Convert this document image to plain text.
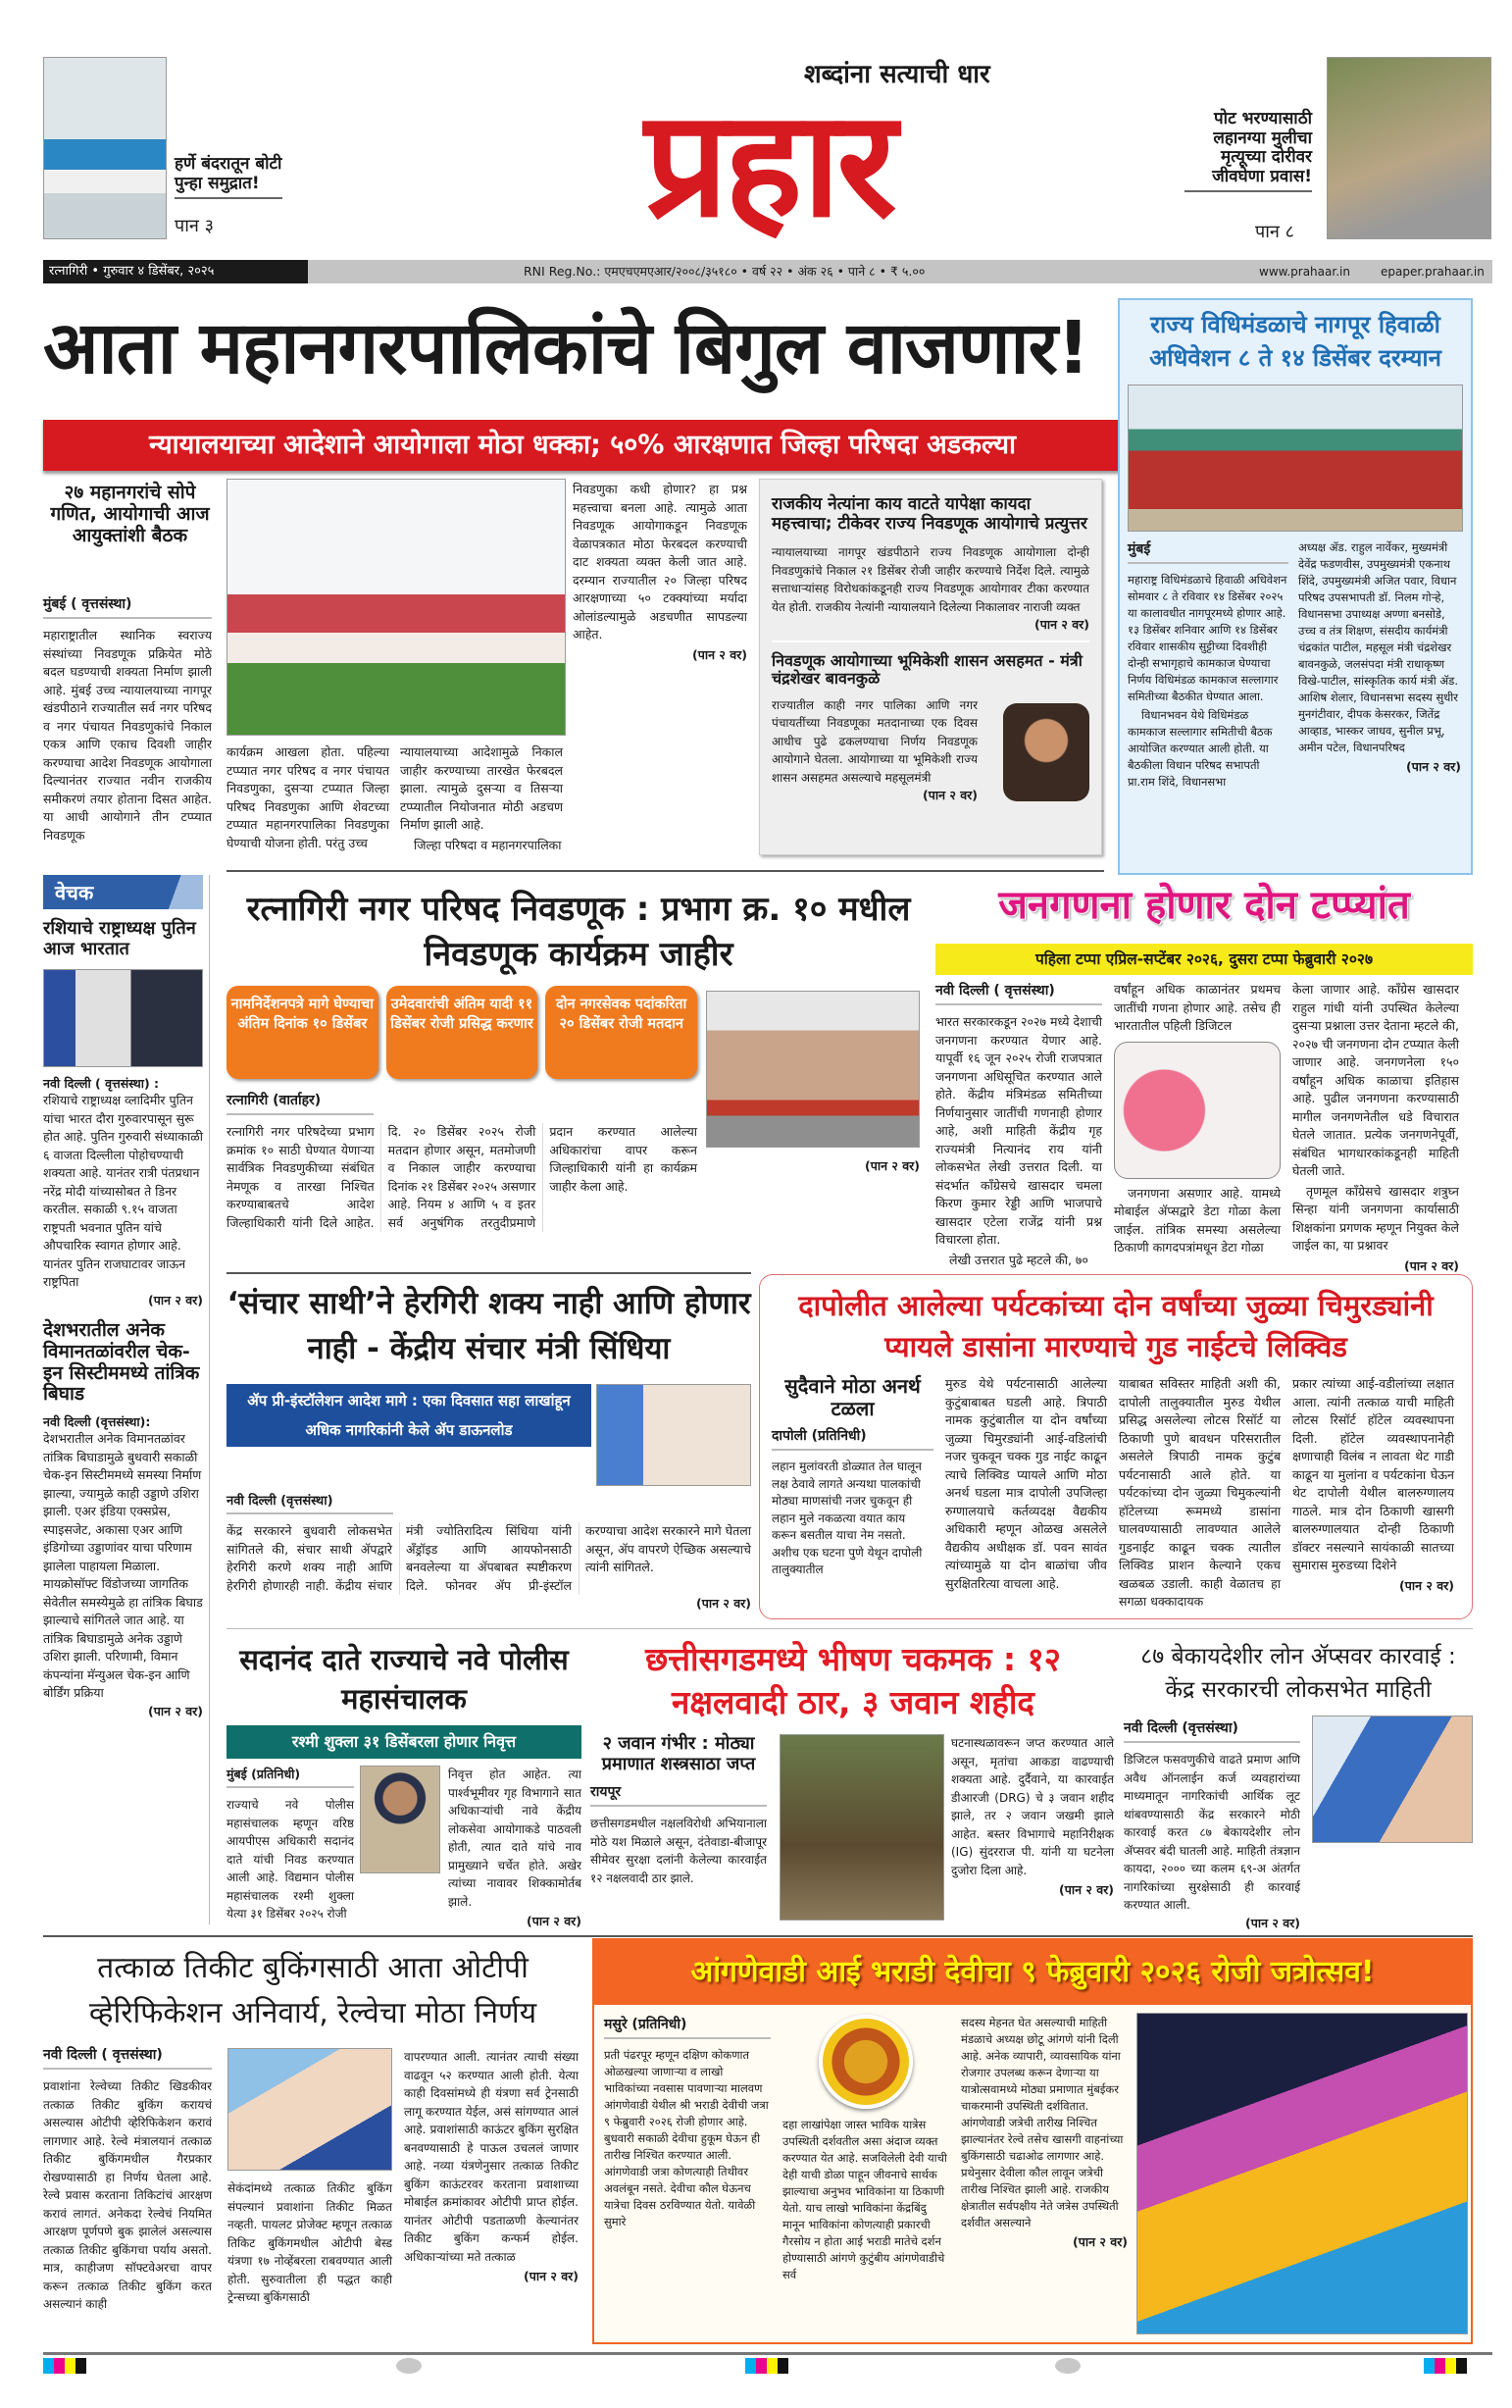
हर्णे बंदरातून बोटी पुन्हा समुद्रात!
पान ३
शब्दांना सत्याची धार
प्रहार	पोट भरण्यासाठी लहानग्या मुलीचा मृत्यूच्या दोरीवर जीवघेणा प्रवास!
पान ८
रत्नागिरी • गुरुवार ४ डिसेंबर, २०२५	RNI Reg.No.: एमएचएमएआर/२००८/३५१८० • वर्ष २२ • अंक २६ • पाने ८ • ₹ ५.००	www.prahaar.in	epaper.prahaar.in
आता महानगरपालिकांचे बिगुल वाजणार!
न्यायालयाच्या आदेशाने आयोगाला मोठा धक्का; ५०% आरक्षणात जिल्हा परिषदा अडकल्या
२७ महानगरांचे सोपे गणित, आयोगाची आज आयुक्तांशी बैठक
मुंबई ( वृत्तसंस्था)
महाराष्ट्रातील स्थानिक स्वराज्य संस्थांच्या निवडणूक प्रक्रियेत मोठे बदल घडण्याची शक्यता निर्माण झाली आहे. मुंबई उच्च न्यायालयाच्या नागपूर खंडपीठाने राज्यातील सर्व नगर परिषद व नगर पंचायत निवडणुकांचे निकाल एकत्र आणि एकाच दिवशी जाहीर करण्याचा आदेश निवडणूक आयोगाला दिल्यानंतर राज्यात नवीन राजकीय समीकरणं तयार होताना दिसत आहेत. या आधी आयोगाने तीन टप्प्यात निवडणूक
कार्यक्रम आखला होता. पहिल्या टप्प्यात नगर परिषद व नगर पंचायत निवडणुका, दुसऱ्या टप्प्यात जिल्हा परिषद निवडणुका आणि शेवटच्या टप्प्यात महानगरपालिका निवडणुका घेण्याची योजना होती. परंतु उच्च

न्यायालयाच्या आदेशामुळे निकाल जाहीर करण्याच्या तारखेत फेरबदल झाला. त्यामुळे दुसऱ्या व तिसऱ्या टप्प्यातील नियोजनात मोठी अडचण निर्माण झाली आहे.

जिल्हा परिषदा व महानगरपालिका

निवडणुका कधी होणार? हा प्रश्न महत्त्वाचा बनला आहे. त्यामुळे आता निवडणूक आयोगाकडून निवडणूक वेळापत्रकात मोठा फेरबदल करण्याची दाट शक्यता व्यक्त केली जात आहे. दरम्यान राज्यातील २० जिल्हा परिषद आरक्षणाच्या ५० टक्क्यांच्या मर्यादा ओलांडल्यामुळे अडचणीत सापडल्या आहेत.

(पान २ वर)
राजकीय नेत्यांना काय वाटते यापेक्षा कायदा महत्त्वाचा; टीकेवर राज्य निवडणूक आयोगाचे प्रत्युत्तर
न्यायालयाच्या नागपूर खंडपीठाने राज्य निवडणूक आयोगाला दोन्ही निवडणुकांचे निकाल २१ डिसेंबर रोजी जाहीर करण्याचे निर्देश दिले. त्यामुळे सत्ताधाऱ्यांसह विरोधकांकडूनही राज्य निवडणूक आयोगावर टीका करण्यात येत होती. राजकीय नेत्यांनी न्यायालयाने दिलेल्या निकालावर नाराजी व्यक्त
(पान २ वर)
निवडणूक आयोगाच्या भूमिकेशी शासन असहमत - मंत्री चंद्रशेखर बावनकुळे
राज्यातील काही नगर पालिका आणि नगर पंचायतींच्या निवडणूका मतदानाच्या एक दिवस आधीच पुढे ढकलण्याचा निर्णय निवडणूक आयोगाने घेतला. आयोगाच्या या भूमिकेशी राज्य शासन असहमत असल्याचे महसूलमंत्री
(पान २ वर)
राज्य विधिमंडळाचे नागपूर हिवाळी अधिवेशन ८ ते १४ डिसेंबर दरम्यान
मुंबई

महाराष्ट्र विधिमंडळाचे हिवाळी अधिवेशन सोमवार ८ ते रविवार १४ डिसेंबर २०२५ या कालावधीत नागपूरमध्ये होणार आहे. १३ डिसेंबर शनिवार आणि १४ डिसेंबर रविवार शासकीय सुट्टीच्या दिवशीही दोन्ही सभागृहाचे कामकाज घेण्याचा निर्णय विधिमंडळ कामकाज सल्लागार समितीच्या बैठकीत घेण्यात आला.

विधानभवन येथे विधिमंडळ कामकाज सल्लागार समितीची बैठक आयोजित करण्यात आली होती. या बैठकीला विधान परिषद सभापती प्रा.राम शिंदे, विधानसभा

अध्यक्ष ॲड. राहुल नार्वेकर, मुख्यमंत्री देवेंद्र फडणवीस, उपमुख्यमंत्री एकनाथ शिंदे, उपमुख्यमंत्री अजित पवार, विधान परिषद उपसभापती डॉ. निलम गोऱ्हे, विधानसभा उपाध्यक्ष अण्णा बनसोडे, उच्च व तंत्र शिक्षण, संसदीय कार्यमंत्री चंद्रकांत पाटील, महसूल मंत्री चंद्रशेखर बावनकुळे, जलसंपदा मंत्री राधाकृष्ण विखे-पाटील, सांस्कृतिक कार्य मंत्री ॲड. आशिष शेलार, विधानसभा सदस्य सुधीर मुनगंटीवार, दीपक केसरकर, जितेंद्र आव्हाड, भास्कर जाधव, सुनील प्रभू, अमीन पटेल, विधानपरिषद

(पान २ वर)
वेचक
रशियाचे राष्ट्राध्यक्ष पुतिन आज भारतात
नवी दिल्ली ( वृत्तसंस्था) :
रशियाचे राष्ट्राध्यक्ष व्लादिमीर पुतिन यांचा भारत दौरा गुरुवारपासून सुरू होत आहे. पुतिन गुरुवारी संध्याकाळी ६ वाजता दिल्लीला पोहोचण्याची शक्यता आहे. यानंतर रात्री पंतप्रधान नरेंद्र मोदी यांच्यासोबत ते डिनर करतील. सकाळी ९.१५ वाजता राष्ट्रपती भवनात पुतिन यांचे औपचारिक स्वागत होणार आहे. यानंतर पुतिन राजघाटावर जाऊन राष्ट्रपिता
(पान २ वर)
देशभरातील अनेक विमानतळांवरील चेक-इन सिस्टीममध्ये तांत्रिक बिघाड
नवी दिल्ली (वृत्तसंस्था):
देशभरातील अनेक विमानतळांवर तांत्रिक बिघाडामुळे बुधवारी सकाळी चेक-इन सिस्टीममध्ये समस्या निर्माण झाल्या, ज्यामुळे काही उड्डाणे उशिरा झाली. एअर इंडिया एक्सप्रेस, स्पाइसजेट, अकासा एअर आणि इंडिगोच्या उड्डाणांवर याचा परिणाम झालेला पाहायला मिळाला. मायक्रोसॉफ्ट विंडोजच्या जागतिक सेवेतील समस्येमुळे हा तांत्रिक बिघाड झाल्याचे सांगितले जात आहे. या तांत्रिक बिघाडामुळे अनेक उड्डाणे उशिरा झाली. परिणामी, विमान कंपन्यांना मॅन्युअल चेक-इन आणि बोर्डिंग प्रक्रिया
(पान २ वर)
रत्नागिरी नगर परिषद निवडणूक : प्रभाग क्र. १० मधील निवडणूक कार्यक्रम जाहीर
नामनिर्देशनपत्रे मागे घेण्याचा अंतिम दिनांक १० डिसेंबर
उमेदवारांची अंतिम यादी ११ डिसेंबर रोजी प्रसिद्ध करणार
दोन नगरसेवक पदांकरिता २० डिसेंबर रोजी मतदान
रत्नागिरी (वार्ताहर)
रत्नागिरी नगर परिषदेच्या प्रभाग क्रमांक १० साठी घेण्यात येणाऱ्या सार्वत्रिक निवडणुकीच्या संबंधित नेमणूक व तारखा निश्चित करण्याबाबतचे आदेश जिल्हाधिकारी यांनी दिले आहेत. दि. २० डिसेंबर २०२५ रोजी मतदान होणार असून, मतमोजणी व निकाल जाहीर करण्याचा दिनांक २१ डिसेंबर २०२५ असणार आहे. नियम ४ आणि ५ व इतर सर्व अनुषंगिक तरतुदीप्रमाणे प्रदान करण्यात आलेल्या अधिकारांचा वापर करून जिल्हाधिकारी यांनी हा कार्यक्रम जाहीर केला आहे.
(पान २ वर)
जनगणना होणार दोन टप्प्यांत
पहिला टप्पा एप्रिल-सप्टेंबर २०२६, दुसरा टप्पा फेब्रुवारी २०२७
नवी दिल्ली ( वृत्तसंस्था)

भारत सरकारकडून २०२७ मध्ये देशाची जनगणना करण्यात येणार आहे. यापूर्वी १६ जून २०२५ रोजी राजपत्रात जनगणना अधिसूचित करण्यात आले होते. केंद्रीय मंत्रिमंडळ समितीच्या निर्णयानुसार जातींची गणनाही होणार आहे, अशी माहिती केंद्रीय गृह राज्यमंत्री नित्यानंद राय यांनी लोकसभेत लेखी उत्तरात दिली. या संदर्भात काँग्रेसचे खासदार चमला किरण कुमार रेड्डी आणि भाजपाचे खासदार एटेला राजेंद्र यांनी प्रश्न विचारला होता.

लेखी उत्तरात पुढे म्हटले की, ७०

वर्षांहून अधिक काळानंतर प्रथमच जातींची गणना होणार आहे. तसेच ही भारतातील पहिली डिजिटल

जनगणना असणार आहे. यामध्ये मोबाईल ॲप्सद्वारे डेटा गोळा केला जाईल. तांत्रिक समस्या असलेल्या ठिकाणी कागदपत्रांमधून डेटा गोळा

केला जाणार आहे. काँग्रेस खासदार राहुल गांधी यांनी उपस्थित केलेल्या दुसऱ्या प्रश्नाला उत्तर देताना म्हटले की, २०२७ ची जनगणना दोन टप्प्यात केली जाणार आहे. जनगणनेला १५० वर्षांहून अधिक काळाचा इतिहास आहे. पुढील जनगणना करण्यासाठी मागील जनगणनेतील धडे विचारात घेतले जातात. प्रत्येक जनगणनेपूर्वी, संबंधित भागधारकांकडूनही माहिती घेतली जाते.

तृणमूल काँग्रेसचे खासदार शत्रुघ्न सिन्हा यांनी जनगणना कार्यासाठी शिक्षकांना प्रगणक म्हणून नियुक्त केले जाईल का, या प्रश्नावर

(पान २ वर)
‘संचार साथी’ने हेरगिरी शक्य नाही आणि होणार नाही - केंद्रीय संचार मंत्री सिंधिया
ॲप प्री-इंस्टॉलेशन आदेश मागे : एका दिवसात सहा लाखांहून अधिक नागरिकांनी केले ॲप डाऊनलोड
नवी दिल्ली (वृत्तसंस्था)
केंद्र सरकारने बुधवारी लोकसभेत सांगितले की, संचार साथी ॲपद्वारे हेरगिरी करणे शक्य नाही आणि हेरगिरी होणारही नाही. केंद्रीय संचार मंत्री ज्योतिरादित्य सिंधिया यांनी अँड्रॉइड आणि आयफोनसाठी बनवलेल्या या ॲपबाबत स्पष्टीकरण दिले. फोनवर ॲप प्री-इंस्टॉल करण्याचा आदेश सरकारने मागे घेतला असून, ॲप वापरणे ऐच्छिक असल्याचे त्यांनी सांगितले.
(पान २ वर)
दापोलीत आलेल्या पर्यटकांच्या दोन वर्षांच्या जुळ्या चिमुरड्यांनी प्यायले डासांना मारण्याचे गुड नाईटचे लिक्विड
सुदैवाने मोठा अनर्थ टळला
दापोली (प्रतिनिधी)
लहान मुलांवरती डोळ्यात तेल घालून लक्ष ठेवावे लागते अन्यथा पालकांची मोठ्या माणसांची नजर चुकवून ही लहान मुले नकळत्या वयात काय करून बसतील याचा नेम नसतो. अशीच एक घटना पुणे येथून दापोली तालुक्यातील
मुरुड येथे पर्यटनासाठी आलेल्या कुटुंबाबाबत घडली आहे. त्रिपाठी नामक कुटुंबातील या दोन वर्षांच्या जुळ्या चिमुरड्यांनी आई-वडिलांची नजर चुकवून चक्क गुड नाईट काढून त्याचे लिक्विड प्यायले आणि मोठा अनर्थ घडला मात्र दापोली उपजिल्हा रुग्णालयाचे कर्तव्यदक्ष वैद्यकीय अधिकारी म्हणून ओळख असलेले वैद्यकीय अधीक्षक डॉ. पवन सावंत त्यांच्यामुळे या दोन बाळांचा जीव सुरक्षितरित्या वाचला आहे.
याबाबत सविस्तर माहिती अशी की, दापोली तालुक्यातील मुरुड येथील प्रसिद्ध असलेल्या लोटस रिसॉर्ट या ठिकाणी पुणे बावधन परिसरातील असलेले त्रिपाठी नामक कुटुंब पर्यटनासाठी आले होते. या पर्यटकांच्या दोन जुळ्या चिमुकल्यांनी हॉटेलच्या रूममध्ये डासांना घालवण्यासाठी लावण्यात आलेले गुडनाईट काढून चक्क त्यातील लिक्विड प्राशन केल्याने एकच खळबळ उडाली. काही वेळातच हा सगळा धक्कादायक

प्रकार त्यांच्या आई-वडीलांच्या लक्षात आला. त्यांनी तत्काळ याची माहिती लोटस रिसॉर्ट हॉटेल व्यवस्थापना दिली. हॉटेल व्यवस्थापनानेही क्षणाचाही विलंब न लावता थेट गाडी काढून या मुलांना व पर्यटकांना घेऊन थेट दापोली येथील बालरुग्णालय गाठले. मात्र दोन ठिकाणी खासगी बालरुग्णालयात दोन्ही ठिकाणी डॉक्टर नसल्याने सायंकाळी सातच्या सुमारास मुरुडच्या दिशेने

(पान २ वर)
सदानंद दाते राज्याचे नवे पोलीस महासंचालक
रश्मी शुक्ला ३१ डिसेंबरला होणार निवृत्त
मुंबई (प्रतिनिधी)
राज्याचे नवे पोलीस महासंचालक म्हणून वरिष्ठ आयपीएस अधिकारी सदानंद दाते यांची निवड करण्यात आली आहे. विद्यमान पोलीस महासंचालक रश्मी शुक्ला येत्या ३१ डिसेंबर २०२५ रोजी

निवृत्त होत आहेत. त्या पार्श्वभूमीवर गृह विभागाने सात अधिकाऱ्यांची नावे केंद्रीय लोकसेवा आयोगाकडे पाठवली होती, त्यात दाते यांचे नाव प्रामुख्याने चर्चेत होते. अखेर त्यांच्या नावावर शिक्कामोर्तब झाले.

(पान २ वर)
छत्तीसगडमध्ये भीषण चकमक : १२ नक्षलवादी ठार, ३ जवान शहीद
२ जवान गंभीर : मोठ्या प्रमाणात शस्त्रसाठा जप्त
रायपूर
छत्तीसगडमधील नक्षलविरोधी अभियानाला मोठे यश मिळाले असून, दंतेवाडा-बीजापूर सीमेवर सुरक्षा दलांनी केलेल्या कारवाईत १२ नक्षलवादी ठार झाले.

घटनास्थळावरून जप्त करण्यात आले असून, मृतांचा आकडा वाढण्याची शक्यता आहे. दुर्दैवाने, या कारवाईत डीआरजी (DRG) चे ३ जवान शहीद झाले, तर २ जवान जखमी झाले आहेत. बस्तर विभागाचे महानिरीक्षक (IG) सुंदरराज पी. यांनी या घटनेला दुजोरा दिला आहे.

(पान २ वर)
८७ बेकायदेशीर लोन ॲप्सवर कारवाई : केंद्र सरकारची लोकसभेत माहिती
नवी दिल्ली (वृत्तसंस्था)
डिजिटल फसवणुकीचे वाढते प्रमाण आणि अवैध ऑनलाईन कर्ज व्यवहारांच्या माध्यमातून नागरिकांची आर्थिक लूट थांबवण्यासाठी केंद्र सरकारने मोठी कारवाई करत ८७ बेकायदेशीर लोन ॲप्सवर बंदी घातली आहे. माहिती तंत्रज्ञान कायदा, २००० च्या कलम ६९-अ अंतर्गत नागरिकांच्या सुरक्षेसाठी ही कारवाई करण्यात आली.
(पान २ वर)
तत्काळ तिकीट बुकिंगसाठी आता ओटीपी व्हेरिफिकेशन अनिवार्य, रेल्वेचा मोठा निर्णय
नवी दिल्ली ( वृत्तसंस्था)
प्रवाशांना रेल्वेच्या तिकीट खिडकीवर तत्काळ तिकीट बुकिंग करायचं असल्यास ओटीपी व्हेरिफिकेशन करावं लागणार आहे. रेल्वे मंत्रालयानं तत्काळ तिकीट बुकिंगमधील गैरप्रकार रोखण्यासाठी हा निर्णय घेतला आहे. रेल्वे प्रवास करताना तिकिटांचं आरक्षण करावं लागतं. अनेकदा रेल्वेचं नियमित आरक्षण पूर्णपणे बुक झालेलं असल्यास तत्काळ तिकीट बुकिंगचा पर्याय असतो. मात्र, काहीजण सॉफ्टवेअरचा वापर करून तत्काळ तिकीट बुकिंग करत असल्यानं काही
सेकंदांमध्ये तत्काळ तिकीट बुकिंग संपल्यानं प्रवाशांना तिकीट मिळत नव्हती. पायलट प्रोजेक्ट म्हणून तत्काळ तिकिट बुकिंगमधील ओटीपी बेस्ड यंत्रणा १७ नोव्हेंबरला राबवण्यात आली होती. सुरुवातीला ही पद्धत काही ट्रेन्सच्या बुकिंगसाठी

वापरण्यात आली. त्यानंतर त्याची संख्या वाढवून ५२ करण्यात आली होती. येत्या काही दिवसांमध्ये ही यंत्रणा सर्व ट्रेनसाठी लागू करण्यात येईल, असं सांगण्यात आलं आहे. प्रवाशांसाठी काऊंटर बुकिंग सुरक्षित बनवण्यासाठी हे पाऊल उचललं जाणार आहे. नव्या यंत्रणेनुसार तत्काळ तिकीट बुकिंग काऊंटरवर करताना प्रवाशाच्या मोबाईल क्रमांकावर ओटीपी प्राप्त होईल. यानंतर ओटीपी पडताळणी केल्यानंतर तिकीट बुकिंग कन्फर्म होईल. अधिकाऱ्यांच्या मते तत्काळ

(पान २ वर)
आंगणेवाडी आई भराडी देवीचा ९ फेब्रुवारी २०२६ रोजी जत्रोत्सव!
मसुरे (प्रतिनिधी)
प्रती पंढरपूर म्हणून दक्षिण कोकणात ओळखल्या जाणाऱ्या व लाखो भाविकांच्या नवसास पावणाऱ्या मालवण आंगणेवाडी येथील श्री भराडी देवीची जत्रा ९ फेब्रुवारी २०२६ रोजी होणार आहे. बुधवारी सकाळी देवीचा हुकूम घेऊन ही तारीख निश्चित करण्यात आली. आंगणेवाडी जत्रा कोणत्याही तिथीवर अवलंबून नसते. देवीचा कौल घेऊनच यात्रेचा दिवस ठरविण्यात येतो. यावेळी सुमारे
दहा लाखांपेक्षा जास्त भाविक यात्रेस उपस्थिती दर्शवतील असा अंदाज व्यक्त करण्यात येत आहे. सजविलेली देवी याची देही याची डोळा पाहून जीवनाचे सार्थक झाल्याचा अनुभव भाविकांना या ठिकाणी येतो. याच लाखो भाविकांना केंद्रबिंदु मानून भाविकांना कोणत्याही प्रकारची गैरसोय न होता आई भराडी मातेचे दर्शन होण्यासाठी आंगणे कुटुंबीय आंगणेवाडीचे सर्व

सदस्य मेहनत घेत असल्याची माहिती मंडळाचे अध्यक्ष छोटू आंगणे यांनी दिली आहे. अनेक व्यापारी, व्यावसायिक यांना रोजगार उपलब्ध करून देणाऱ्या या यात्रोत्सवामध्ये मोठ्या प्रमाणात मुंबईकर चाकरमानी उपस्थिती दर्शवितात. आंगणेवाडी जत्रेची तारीख निश्चित झाल्यानंतर रेल्वे तसेच खासगी वाहनांच्या बुकिंगसाठी चढाओढ लागणार आहे. प्रथेनुसार देवीला कौल लावून जत्रेची तारीख निश्चित झाली आहे. राजकीय क्षेत्रातील सर्वपक्षीय नेते जत्रेस उपस्थिती दर्शवीत असल्याने

(पान २ वर)
